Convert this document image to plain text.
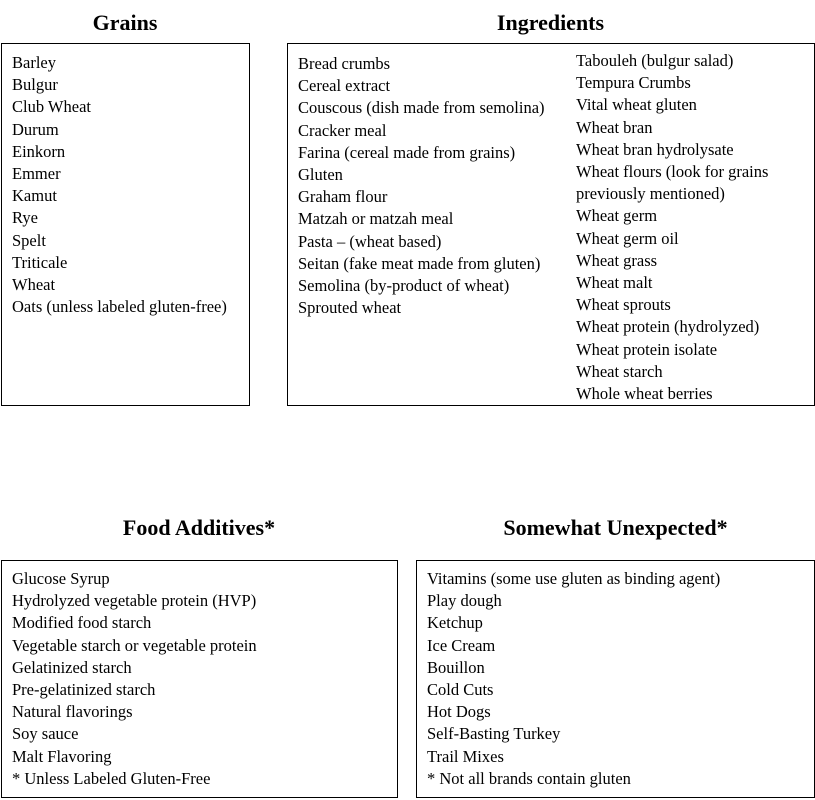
Grains	Ingredients
Food Additives*	Somewhat Unexpected*
Barley
Bulgur
Club Wheat
Durum
Einkorn
Emmer
Kamut
Rye
Spelt
Triticale
Wheat
Oats (unless labeled gluten-free)
Bread crumbs
Cereal extract
Couscous (dish made from semolina)
Cracker meal
Farina (cereal made from grains)
Gluten
Graham flour
Matzah or matzah meal
Pasta – (wheat based)
Seitan (fake meat made from gluten)
Semolina (by-product of wheat)
Sprouted wheat
Tabouleh (bulgur salad)
Tempura Crumbs
Vital wheat gluten
Wheat bran
Wheat bran hydrolysate
Wheat flours (look for grains previously mentioned)
Wheat germ
Wheat germ oil
Wheat grass
Wheat malt
Wheat sprouts
Wheat protein (hydrolyzed)
Wheat protein isolate
Wheat starch
Whole wheat berries
Glucose Syrup
Hydrolyzed vegetable protein (HVP)
Modified food starch
Vegetable starch or vegetable protein
Gelatinized starch
Pre-gelatinized starch
Natural flavorings
Soy sauce
Malt Flavoring
* Unless Labeled Gluten-Free
Vitamins (some use gluten as binding agent)
Play dough
Ketchup
Ice Cream
Bouillon
Cold Cuts
Hot Dogs
Self-Basting Turkey
Trail Mixes
* Not all brands contain gluten
